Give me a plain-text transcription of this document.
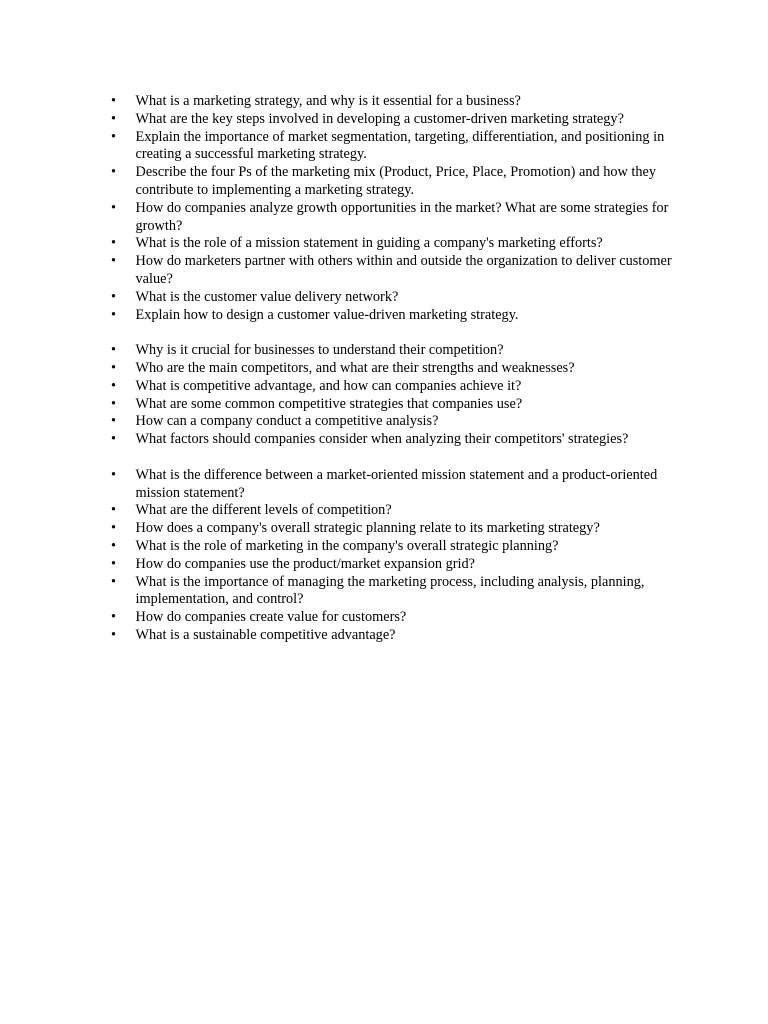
•	What is a marketing strategy, and why is it essential for a business?
•	What are the key steps involved in developing a customer-driven marketing strategy?
•	Explain the importance of market segmentation, targeting, differentiation, and positioning in creating a successful marketing strategy.
•	Describe the four Ps of the marketing mix (Product, Price, Place, Promotion) and how they contribute to implementing a marketing strategy.
•	How do companies analyze growth opportunities in the market? What are some strategies for growth?
•	What is the role of a mission statement in guiding a company's marketing efforts?
•	How do marketers partner with others within and outside the organization to deliver customer value?
•	What is the customer value delivery network?
•	Explain how to design a customer value-driven marketing strategy.
•	Why is it crucial for businesses to understand their competition?
•	Who are the main competitors, and what are their strengths and weaknesses?
•	What is competitive advantage, and how can companies achieve it?
•	What are some common competitive strategies that companies use?
•	How can a company conduct a competitive analysis?
•	What factors should companies consider when analyzing their competitors' strategies?
•	What is the difference between a market-oriented mission statement and a product-oriented mission statement?
•	What are the different levels of competition?
•	How does a company's overall strategic planning relate to its marketing strategy?
•	What is the role of marketing in the company's overall strategic planning?
•	How do companies use the product/market expansion grid?
•	What is the importance of managing the marketing process, including analysis, planning, implementation, and control?
•	How do companies create value for customers?
•	What is a sustainable competitive advantage?
